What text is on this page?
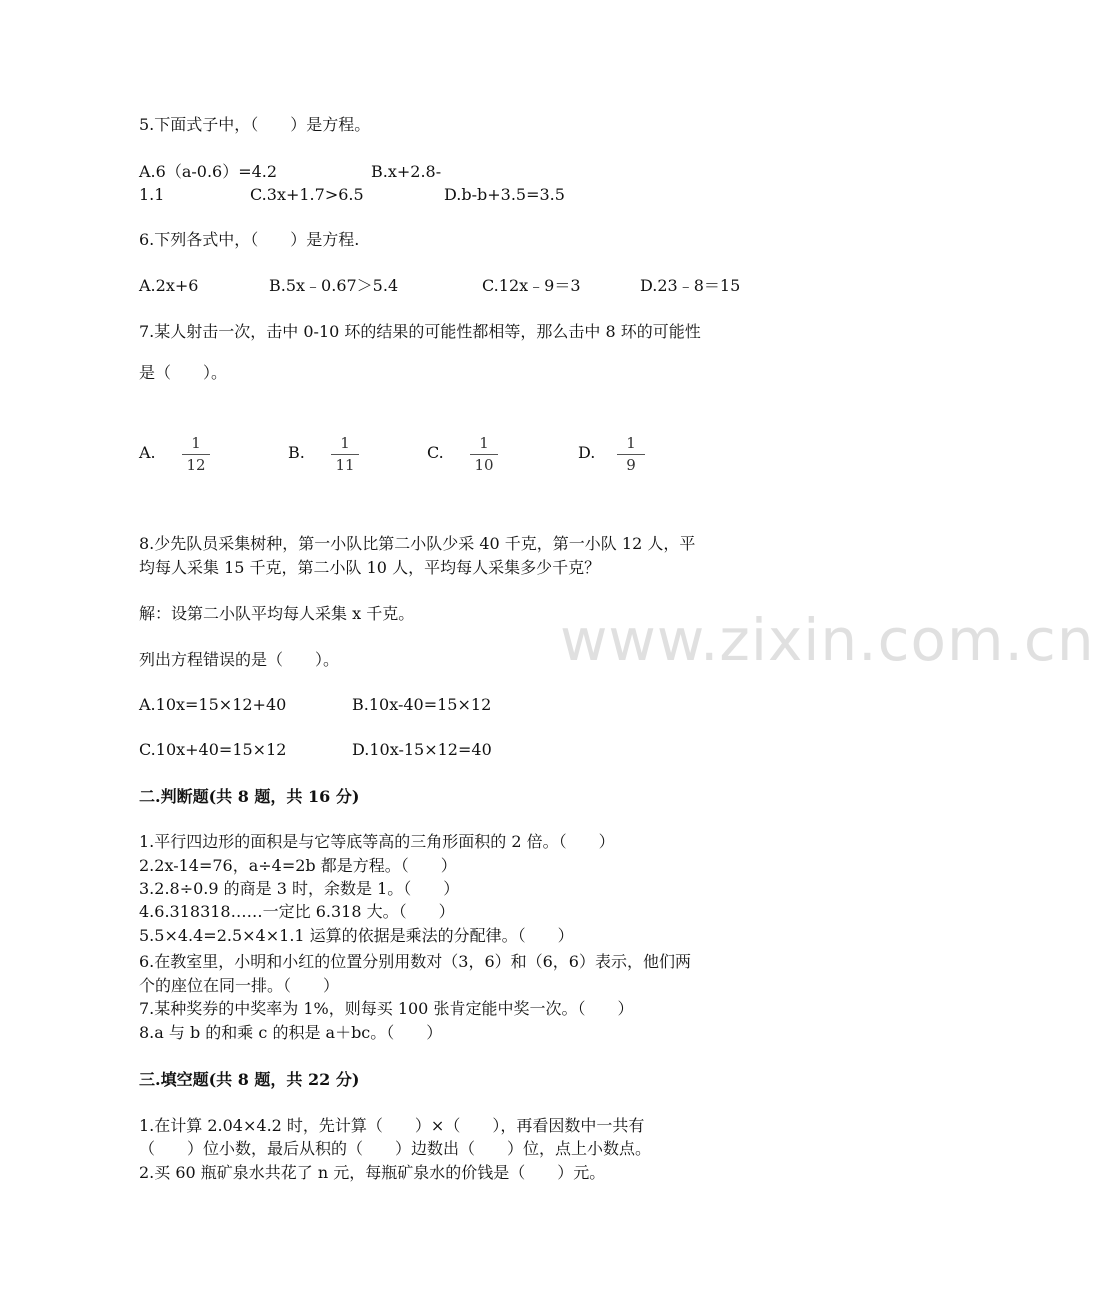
www.zixin.com.cn
5.下面式子中，（　　）是方程。
A.6（a-0.6）=4.2	B.x+2.8-
1.1	C.3x+1.7>6.5	D.b-b+3.5=3.5
6.下列各式中，（　　）是方程.
A.2x+6	B.5x﹣0.67＞5.4	C.12x﹣9＝3	D.23﹣8＝15
7.某人射击一次，击中 0-10 环的结果的可能性都相等，那么击中 8 环的可能性
是（　　）。
A.	1
12
B.	1
11
C.	1
10
D.	1
9
8.少先队员采集树种，第一小队比第二小队少采 40 千克，第一小队 12 人，平
均每人采集 15 千克，第二小队 10 人，平均每人采集多少千克？
解：设第二小队平均每人采集 x 千克。
列出方程错误的是（　　）。
A.10x=15×12+40	B.10x-40=15×12
C.10x+40=15×12	D.10x-15×12=40
二.判断题(共 8 题，共 16 分)
1.平行四边形的面积是与它等底等高的三角形面积的 2 倍。（　　）
2.2x-14=76，a÷4=2b 都是方程。（　　）
3.2.8÷0.9 的商是 3 时，余数是 1。（　　）
4.6.318318……一定比 6.318 大。（　　）
5.5×4.4=2.5×4×1.1 运算的依据是乘法的分配律。（　　）
6.在教室里，小明和小红的位置分别用数对（3，6）和（6，6）表示，他们两
个的座位在同一排。（　　）
7.某种奖券的中奖率为 1%，则每买 100 张肯定能中奖一次。（　　）
8.a 与 b 的和乘 c 的积是 a＋bc。（　　）
三.填空题(共 8 题，共 22 分)
1.在计算 2.04×4.2 时，先计算（　　）×（　　），再看因数中一共有
（　　）位小数，最后从积的（　　）边数出（　　）位，点上小数点。
2.买 60 瓶矿泉水共花了 n 元，每瓶矿泉水的价钱是（　　）元。
